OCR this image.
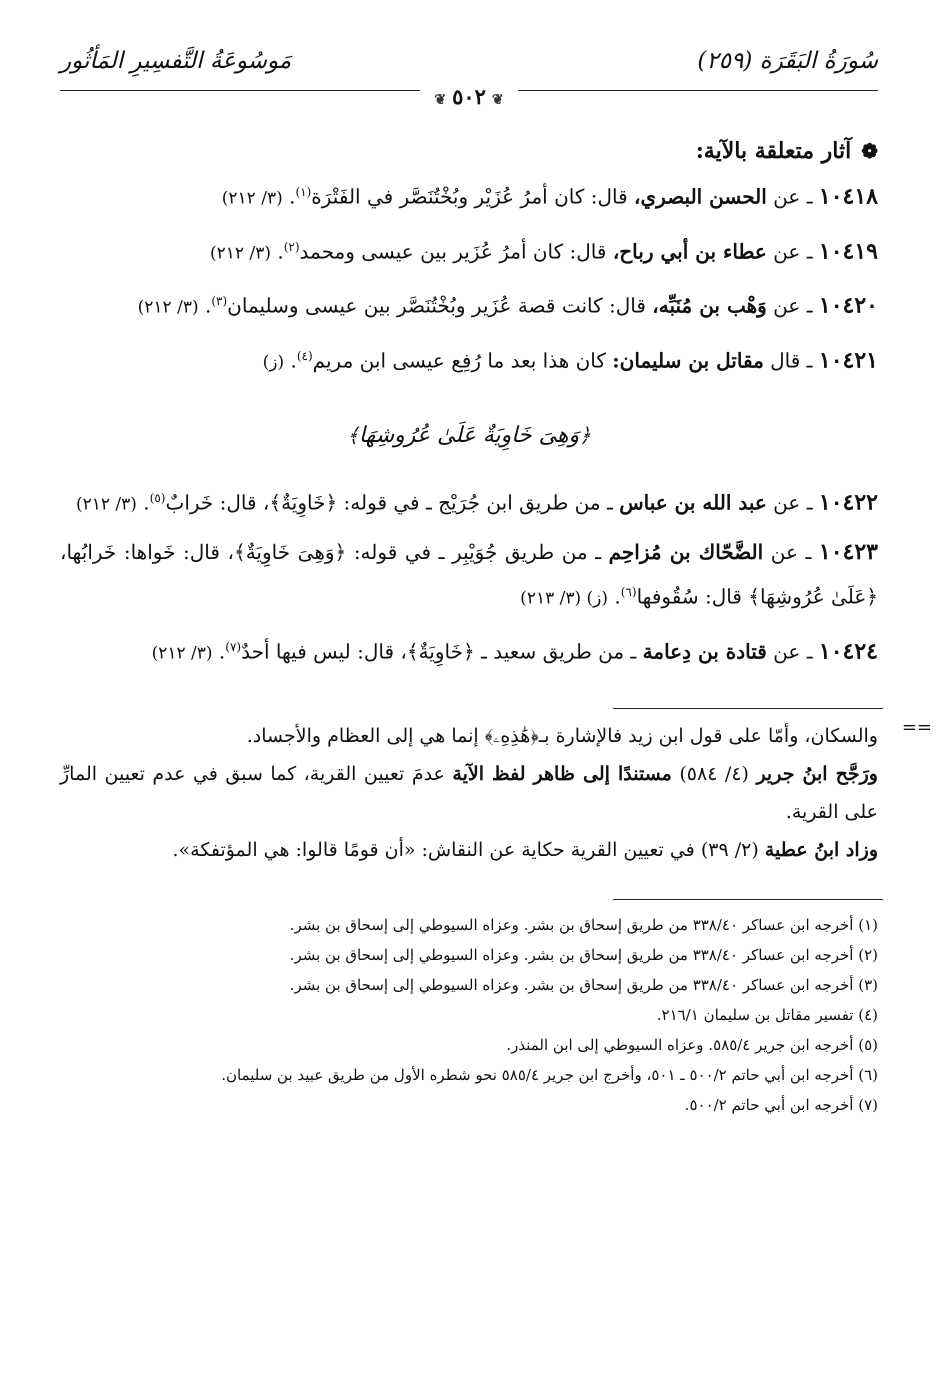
سُورَةُ البَقَرَة (٢٥٩)
مَوسُوعَةُ التَّفسِيرِ المَأثُور
❦٥٠٢❦
❁
آثار متعلقة بالآية:
١٠٤١٨ ـ عن الحسن البصري، قال: كان أمرُ عُزَيْر وبُخْتُنَصَّر في الفَتْرَة$^{(١)}$. (٣/ ٢١٢)
١٠٤١٩ ـ عن عطاء بن أبي رباح، قال: كان أمرُ عُزَير بين عيسى ومحمد$^{(٢)}$. (٣/ ٢١٢)
١٠٤٢٠ ـ عن وَهْب بن مُنَبِّه، قال: كانت قصة عُزَير وبُخْتُنَصَّر بين عيسى وسليمان$^{(٣)}$. (٣/ ٢١٢)
١٠٤٢١ ـ قال مقاتل بن سليمان: كان هذا بعد ما رُفِع عيسى ابن مريم$^{(٤)}$. (ز)
﴿وَهِىَ خَاوِيَةٌ عَلَىٰ عُرُوشِهَا﴾
١٠٤٢٢ ـ عن عبد الله بن عباس ـ من طريق ابن جُرَيْج ـ في قوله: ﴿خَاوِيَةٌ﴾، قال: خَرابٌ$^{(٥)}$. (٣/ ٢١٢)
١٠٤٢٣ ـ عن الضَّحّاك بن مُزاحِم ـ من طريق جُوَيْبِر ـ في قوله: ﴿وَهِىَ خَاوِيَةٌ﴾، قال: خَواها: خَرابُها، ﴿عَلَىٰ عُرُوشِهَا﴾ قال: سُقُوفها$^{(٦)}$. (ز) (٣/ ٢١٣)
١٠٤٢٤ ـ عن قتادة بن دِعامة ـ من طريق سعيد ـ ﴿خَاوِيَةٌ﴾، قال: ليس فيها أحدٌ$^{(٧)}$. (٣/ ٢١٢)
==

والسكان، وأمّا على قول ابن زيد فالإشارة بـ﴿هَٰذِهِۦ﴾ إنما هي إلى العظام والأجساد.

ورَجَّح ابنُ جرير (٤/ ٥٨٤) مستندًا إلى ظاهر لفظ الآية عدمَ تعيين القرية، كما سبق في عدم تعيين المارِّ على القرية.

وزاد ابنُ عطية (٢/ ٣٩) في تعيين القرية حكاية عن النقاش: «أن قومًا قالوا: هي المؤتفكة».

(١) أخرجه ابن عساكر ٣٣٨/٤٠ من طريق إسحاق بن بشر. وعزاه السيوطي إلى إسحاق بن بشر.

(٢) أخرجه ابن عساكر ٣٣٨/٤٠ من طريق إسحاق بن بشر. وعزاه السيوطي إلى إسحاق بن بشر.

(٣) أخرجه ابن عساكر ٣٣٨/٤٠ من طريق إسحاق بن بشر. وعزاه السيوطي إلى إسحاق بن بشر.

(٤) تفسير مقاتل بن سليمان ٢١٦/١.

(٥) أخرجه ابن جرير ٥٨٥/٤. وعزاه السيوطي إلى ابن المنذر.

(٦) أخرجه ابن أبي حاتم ٥٠٠/٢ ـ ٥٠١، وأخرج ابن جرير ٥٨٥/٤ نحو شطره الأول من طريق عبيد بن سليمان.

(٧) أخرجه ابن أبي حاتم ٥٠٠/٢.
